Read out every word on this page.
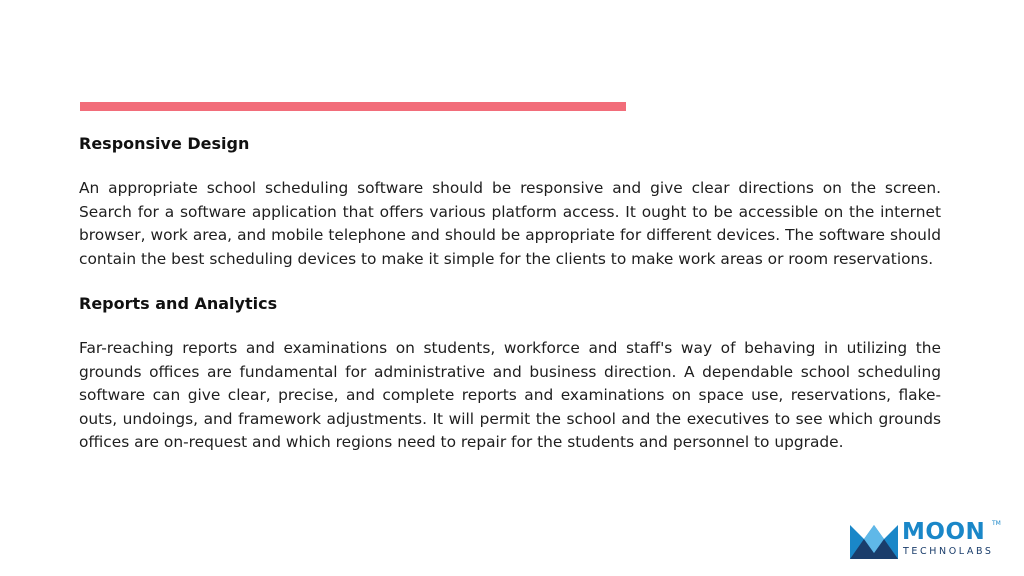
Responsive Design

An appropriate school scheduling software should be responsive and give clear directions on the screen. Search for a software application that offers various platform access. It ought to be accessible on the internet browser, work area, and mobile telephone and should be appropriate for different devices. The software should contain the best scheduling devices to make it simple for the clients to make work areas or room reservations.

Reports and Analytics

Far-reaching reports and examinations on students, workforce and staff's way of behaving in utilizing the grounds offices are fundamental for administrative and business direction. A dependable school scheduling software can give clear, precise, and complete reports and examinations on space use, reservations, flake-outs, undoings, and framework adjustments. It will permit the school and the executives to see which grounds offices are on-request and which regions need to repair for the students and personnel to upgrade.

MOON TM
TECHNOLABS
